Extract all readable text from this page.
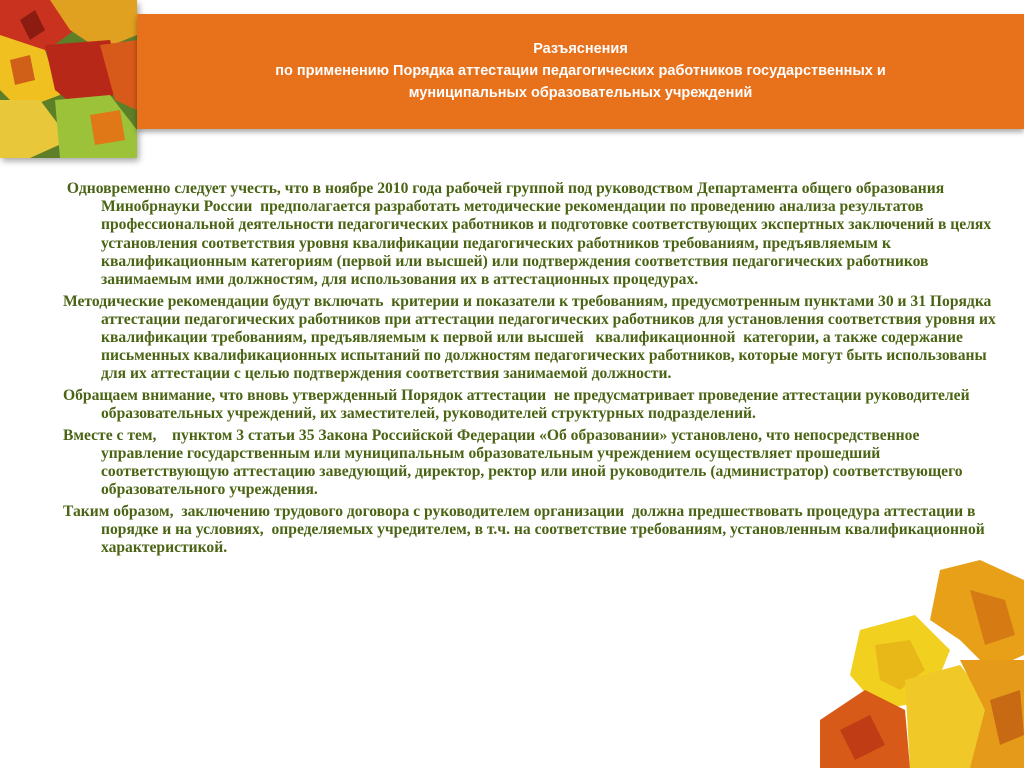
Разъяснения
по применению Порядка аттестации педагогических работников государственных и
муниципальных образовательных учреждений

Одновременно следует учесть, что в ноябре 2010 года рабочей группой под руководством Департамента общего образования Минобрнауки России  предполагается разработать методические рекомендации по проведению анализа результатов профессиональной деятельности педагогических работников и подготовке соответствующих экспертных заключений в целях установления соответствия уровня квалификации педагогических работников требованиям, предъявляемым к квалификационным категориям (первой или высшей) или подтверждения соответствия педагогических работников занимаемым ими должностям, для использования их в аттестационных процедурах.

Методические рекомендации будут включать  критерии и показатели к требованиям, предусмотренным пунктами 30 и 31 Порядка аттестации педагогических работников при аттестации педагогических работников для установления соответствия уровня их квалификации требованиям, предъявляемым к первой или высшей   квалификационной  категории, а также содержание письменных квалификационных испытаний по должностям педагогических работников, которые могут быть использованы для их аттестации с целью подтверждения соответствия занимаемой должности.

Обращаем внимание, что вновь утвержденный Порядок аттестации  не предусматривает проведение аттестации руководителей образовательных учреждений, их заместителей, руководителей структурных подразделений.

Вместе с тем,    пунктом 3 статьи 35 Закона Российской Федерации «Об образовании» установлено, что непосредственное управление государственным или муниципальным образовательным учреждением осуществляет прошедший соответствующую аттестацию заведующий, директор, ректор или иной руководитель (администратор) соответствующего образовательного учреждения.

Таким образом,  заключению трудового договора с руководителем организации  должна предшествовать процедура аттестации в порядке и на условиях,  определяемых учредителем, в т.ч. на соответствие требованиям, установленным квалификационной характеристикой.
